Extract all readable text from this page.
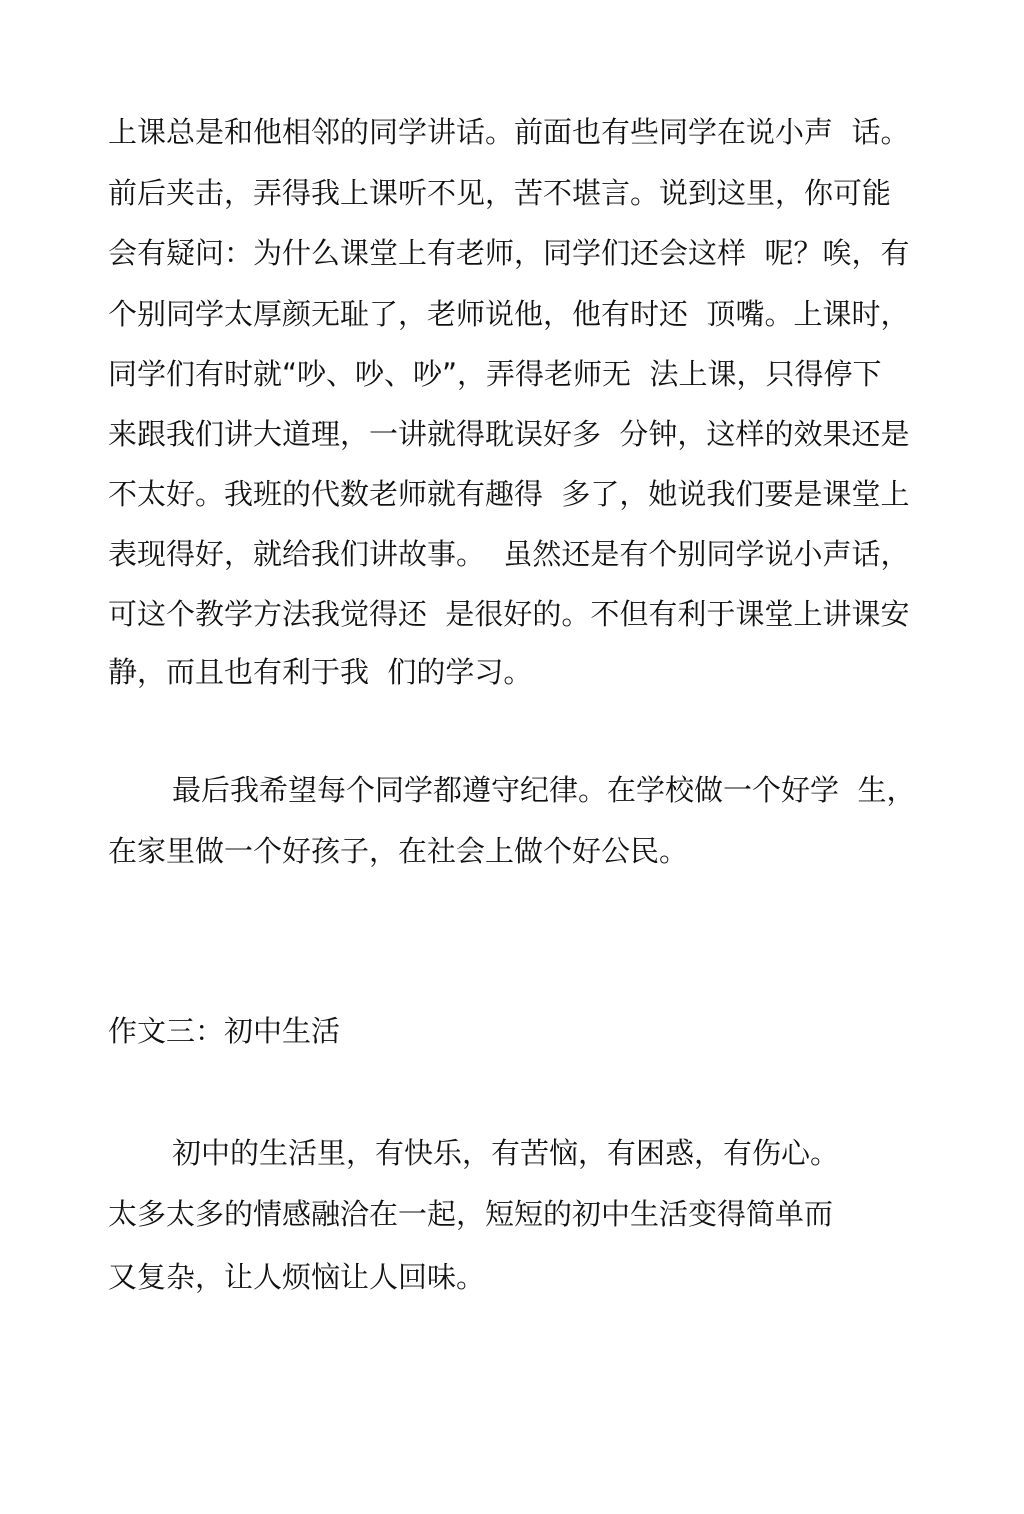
上课总是和他相邻的同学讲话。前面也有些同学在说小声  话。
前后夹击，弄得我上课听不见，苦不堪言。说到这里，你可能
会有疑问：为什么课堂上有老师，同学们还会这样  呢？唉，有
个别同学太厚颜无耻了，老师说他，他有时还  顶嘴。上课时，
同学们有时就“吵、吵、吵”，弄得老师无  法上课，只得停下
来跟我们讲大道理，一讲就得耽误好多  分钟，这样的效果还是
不太好。我班的代数老师就有趣得  多了，她说我们要是课堂上
表现得好，就给我们讲故事。  虽然还是有个别同学说小声话，
可这个教学方法我觉得还  是很好的。不但有利于课堂上讲课安
静，而且也有利于我  们的学习。
最后我希望每个同学都遵守纪律。在学校做一个好学  生，
在家里做一个好孩子，在社会上做个好公民。
作文三：初中生活
初中的生活里，有快乐，有苦恼，有困惑，有伤心。
太多太多的情感融洽在一起，短短的初中生活变得简单而
又复杂，让人烦恼让人回味。
